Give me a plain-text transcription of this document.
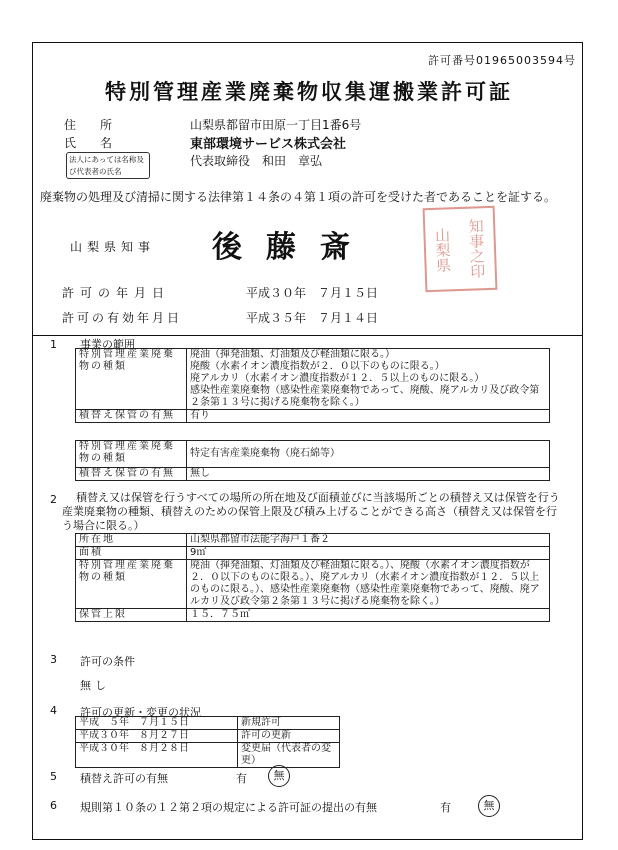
許可番号01965003594号
特別管理産業廃棄物収集運搬業許可証
住　　所	山梨県都留市田原一丁目1番6号
氏　　名	東部環境サービス株式会社
法人にあっては名称及び代表者の氏名
代表取締役　和田　章弘
廃棄物の処理及び清掃に関する法律第１４条の４第１項の許可を受けた者であることを証する。
山梨県知事 後藤斎	山梨県 知事之印
許可の年月日	平成３０年　７月１５日
許可の有効年月日	平成３５年　７月１４日
1 事業の範囲
特別管理産業廃棄物の種類	廃油（揮発油類、灯油類及び軽油類に限る。）
廃酸（水素イオン濃度指数が２．０以下のものに限る。）
廃アルカリ（水素イオン濃度指数が１２．５以上のものに限る。）
感染性産業廃棄物（感染性産業廃棄物であって、廃酸、廃アルカリ及び政令第２条第１３号に掲げる廃棄物を除く。）

積替え保管の有無	有り
特別管理産業廃棄物の種類	特定有害産業廃棄物（廃石綿等）
積替え保管の有無	無し
2	積替え又は保管を行うすべての場所の所在地及び面積並びに当該場所ごとの積替え又は保管を行う産業廃棄物の種類、積替えのための保管上限及び積み上げることができる高さ（積替え又は保管を行う場合に限る。）
所在地	山梨県都留市法能字海戸１番２
面積	9㎡
特別管理産業廃棄物の種類	廃油（揮発油類、灯油類及び軽油類に限る。）、廃酸（水素イオン濃度指数が２．０以下のものに限る。）、廃アルカリ（水素イオン濃度指数が１２．５以上のものに限る。）、感染性産業廃棄物（感染性産業廃棄物であって、廃酸、廃アルカリ及び政令第２条第１３号に掲げる廃棄物を除く。）
保管上限	１５．７５㎥
3 許可の条件
無し
4 許可の更新・変更の状況
平成　５年　７月１５日	新規許可
平成３０年　８月２７日	許可の更新
平成３０年　８月２８日	変更届（代表者の変更）
5 積替え許可の有無	有	無
6 規則第１０条の１２第２項の規定による許可証の提出の有無	有	無
